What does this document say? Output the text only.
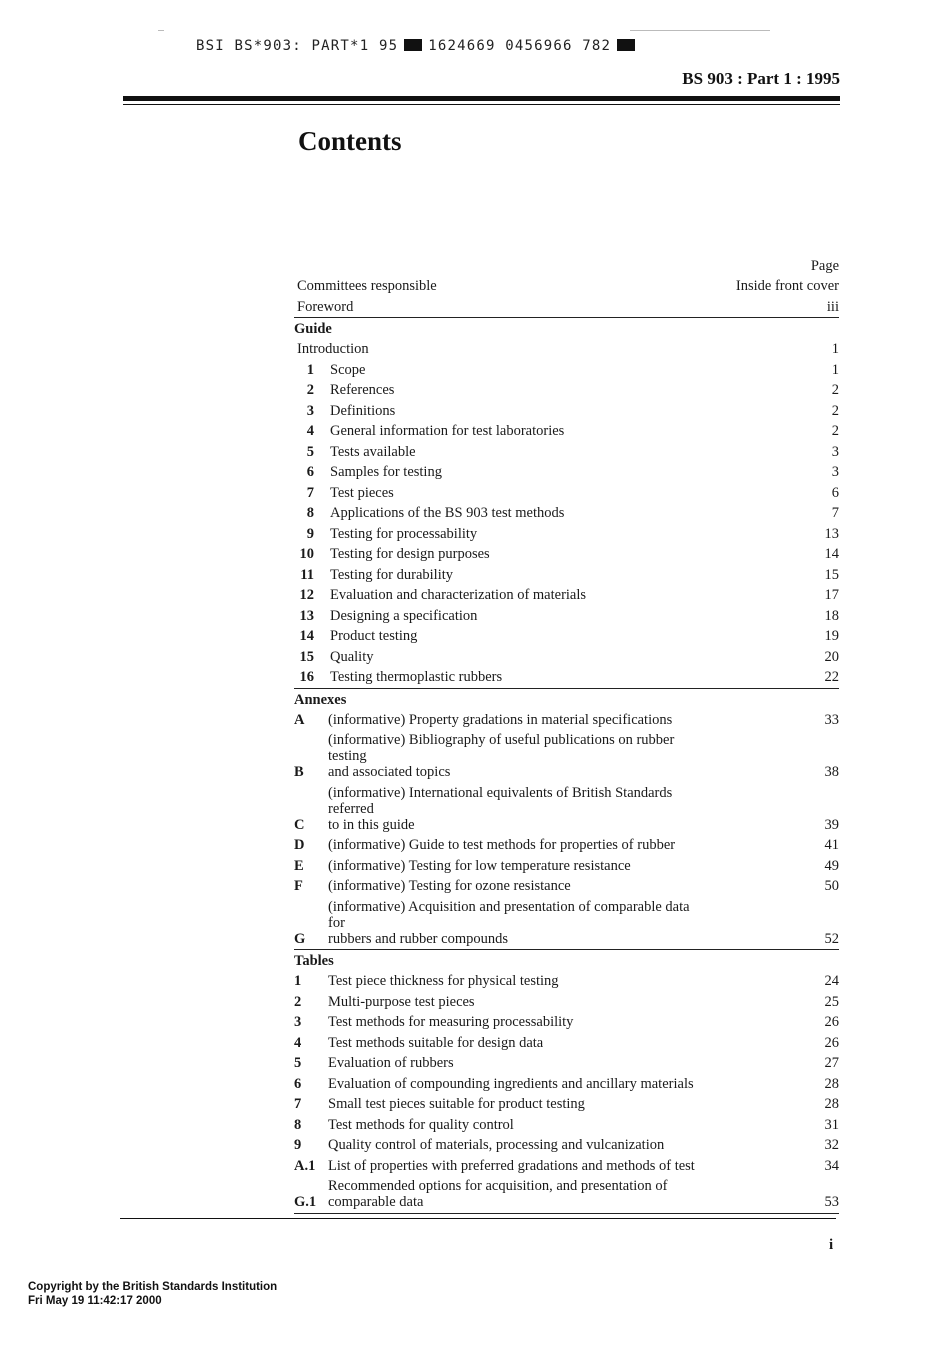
BSI BS*903: PART*1 95 1624669 0456966 782
BS 903 : Part 1 : 1995
Contents
Page
Committees responsible	Inside front cover
Foreword	iii
Guide
Introduction	1
1	Scope	1
2	References	2
3	Definitions	2
4	General information for test laboratories	2
5	Tests available	3
6	Samples for testing	3
7	Test pieces	6
8	Applications of the BS 903 test methods	7
9	Testing for processability	13
10	Testing for design purposes	14
11	Testing for durability	15
12	Evaluation and characterization of materials	17
13	Designing a specification	18
14	Product testing	19
15	Quality	20
16	Testing thermoplastic rubbers	22
Annexes
A	(informative) Property gradations in material specifications	33
B
(informative) Bibliography of useful publications on rubber testing
and associated topics	38
C
(informative) International equivalents of British Standards referred
to in this guide	39
D	(informative) Guide to test methods for properties of rubber	41
E	(informative) Testing for low temperature resistance	49
F	(informative) Testing for ozone resistance	50
G
(informative) Acquisition and presentation of comparable data for
rubbers and rubber compounds	52
Tables
1	Test piece thickness for physical testing	24
2	Multi-purpose test pieces	25
3	Test methods for measuring processability	26
4	Test methods suitable for design data	26
5	Evaluation of rubbers	27
6	Evaluation of compounding ingredients and ancillary materials	28
7	Small test pieces suitable for product testing	28
8	Test methods for quality control	31
9	Quality control of materials, processing and vulcanization	32
A.1 List of properties with preferred gradations and methods of test	34
G.1
Recommended options for acquisition, and presentation of
comparable data	53
i
Copyright by the British Standards Institution
Fri May 19 11:42:17 2000
